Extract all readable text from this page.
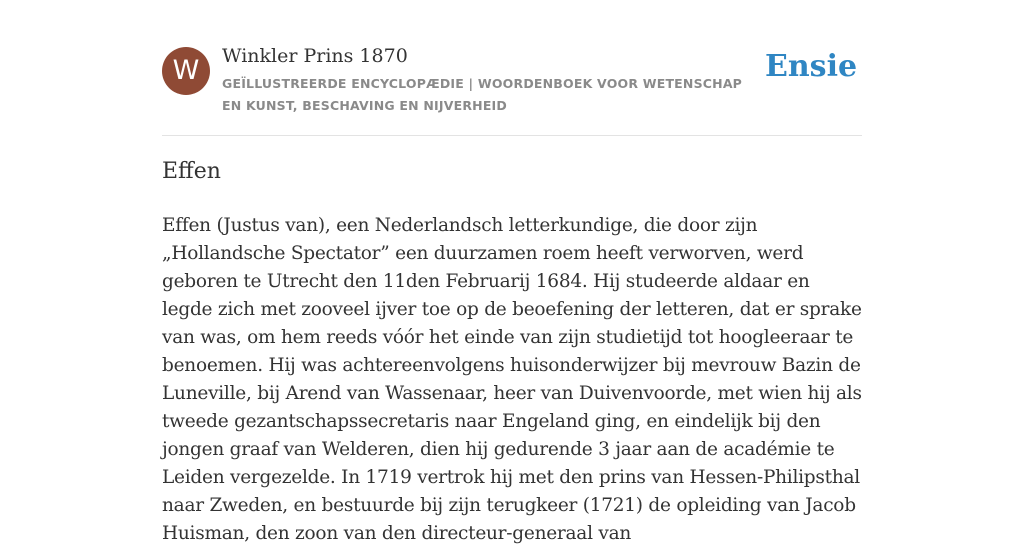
W	Winkler Prins 1870
GEÏLLUSTREERDE ENCYCLOPÆDIE | WOORDENBOEK VOOR WETENSCHAP EN KUNST, BESCHAVING EN NIJVERHEID
Ensie
Effen

Effen (Justus van), een Nederlandsch letterkundige, die door zijn „Hollandsche Spectator” een duurzamen roem heeft verworven, werd geboren te Utrecht den 11den Februarij 1684. Hij studeerde aldaar en legde zich met zooveel ijver toe op de beoefening der letteren, dat er sprake van was, om hem reeds vóór het einde van zijn studietijd tot hoogleeraar te benoemen. Hij was achtereenvolgens huisonderwijzer bij mevrouw Bazin de Luneville, bij Arend van Wassenaar, heer van Duivenvoorde, met wien hij als tweede gezantschapssecretaris naar Engeland ging, en eindelijk bij den jongen graaf van Welderen, dien hij gedurende 3 jaar aan de académie te Leiden vergezelde. In 1719 vertrok hij met den prins van Hessen-Philipsthal naar Zweden, en bestuurde bij zijn terugkeer (1721) de opleiding van Jacob Huisman, den zoon van den directeur-generaal van
